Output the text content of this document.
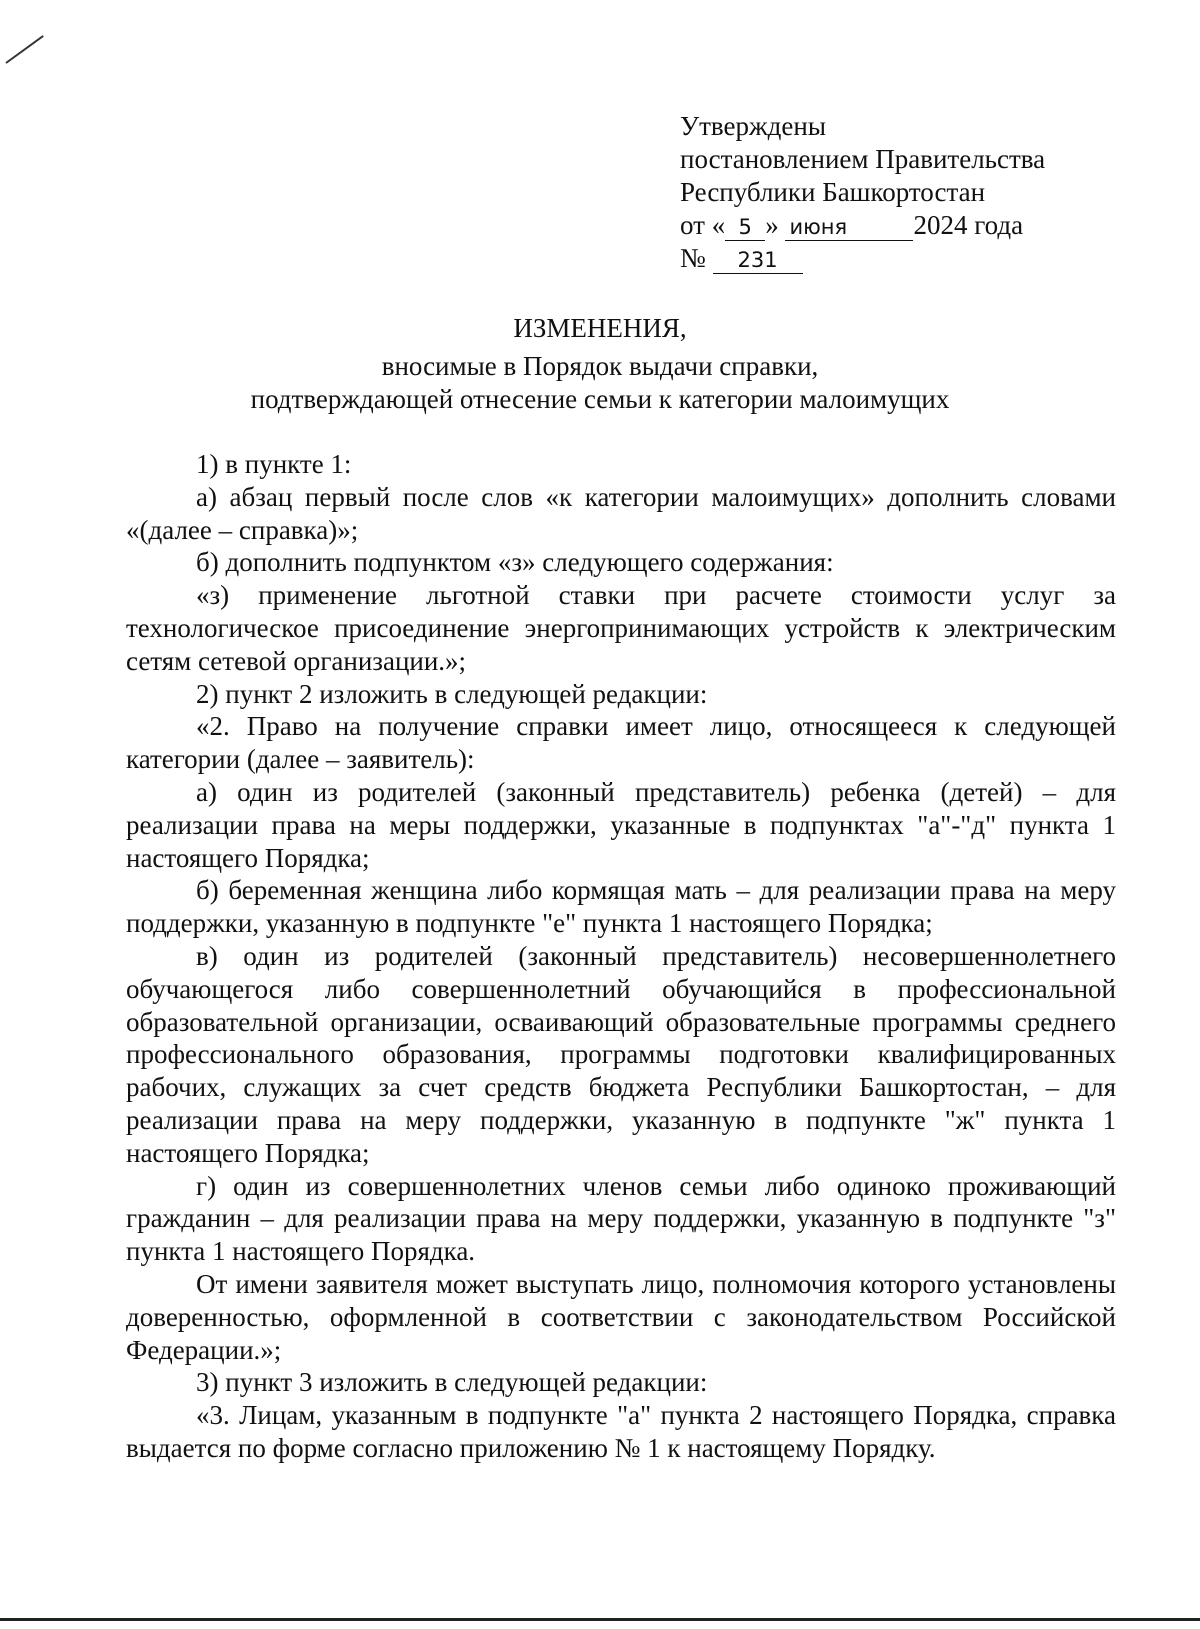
Утверждены
постановлением Правительства
Республики Башкортостан
от « 5 » июня 2024 года
№ 231
ИЗМЕНЕНИЯ,
вносимые в Порядок выдачи справки,
подтверждающей отнесение семьи к категории малоимущих

1) в пункте 1:

а) абзац первый после слов «к категории малоимущих» дополнить словами «(далее – справка)»;

б) дополнить подпунктом «з» следующего содержания:

«з) применение льготной ставки при расчете стоимости услуг за технологическое присоединение энергопринимающих устройств к электрическим сетям сетевой организации.»;

2) пункт 2 изложить в следующей редакции:

«2. Право на получение справки имеет лицо, относящееся к следующей категории (далее – заявитель):

а) один из родителей (законный представитель) ребенка (детей) – для реализации права на меры поддержки, указанные в подпунктах "а"-"д" пункта 1 настоящего Порядка;

б) беременная женщина либо кормящая мать – для реализации права на меру поддержки, указанную в подпункте "е" пункта 1 настоящего Порядка;

в) один из родителей (законный представитель) несовершеннолетнего обучающегося либо совершеннолетний обучающийся в профессиональной образовательной организации, осваивающий образовательные программы среднего профессионального образования, программы подготовки квалифицированных рабочих, служащих за счет средств бюджета Республики Башкортостан, – для реализации права на меру поддержки, указанную в подпункте "ж" пункта 1 настоящего Порядка;

г) один из совершеннолетних членов семьи либо одиноко проживающий гражданин – для реализации права на меру поддержки, указанную в подпункте "з" пункта 1 настоящего Порядка.

От имени заявителя может выступать лицо, полномочия которого установлены доверенностью, оформленной в соответствии с законодательством Российской Федерации.»;

3) пункт 3 изложить в следующей редакции:

«3. Лицам, указанным в подпункте "а" пункта 2 настоящего Порядка, справка выдается по форме согласно приложению № 1 к настоящему Порядку.
